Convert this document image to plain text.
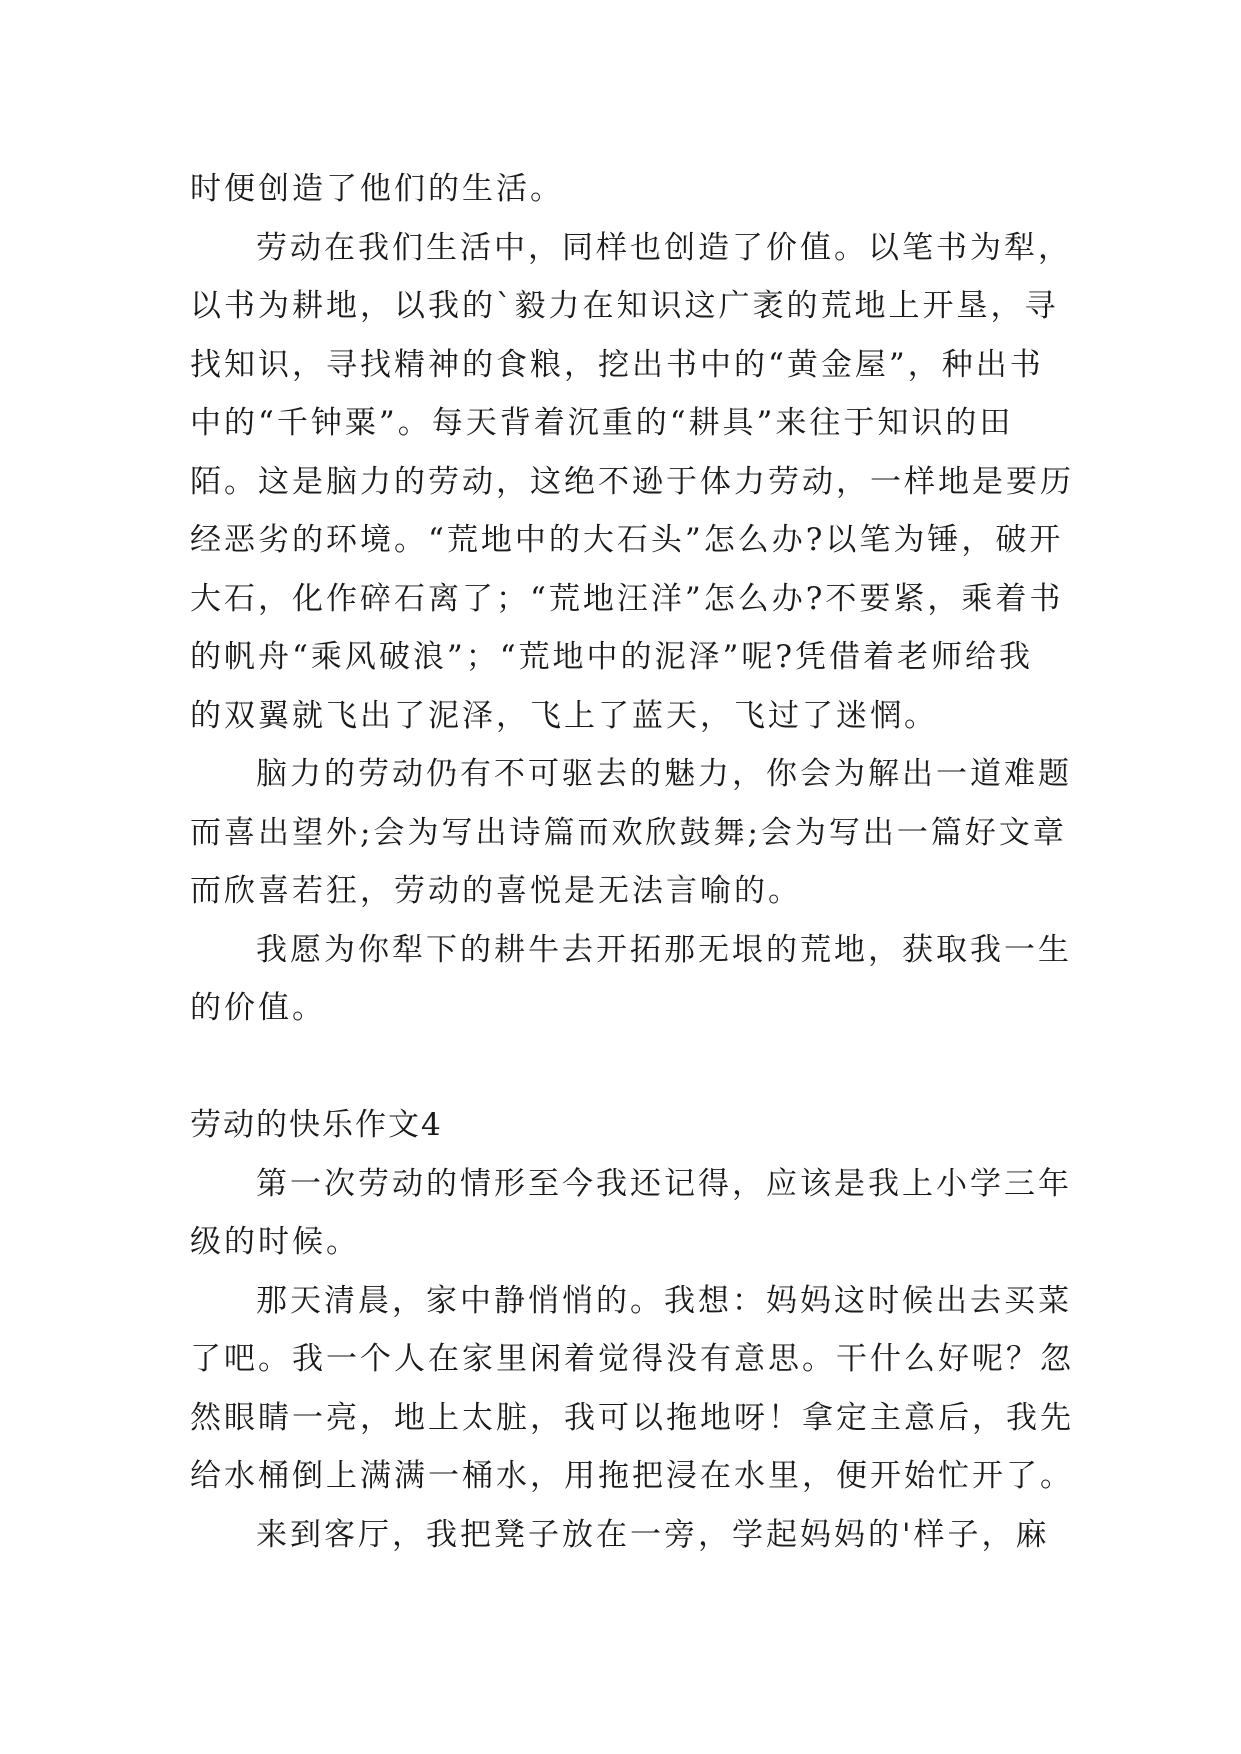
时便创造了他们的生活。
劳动在我们生活中，同样也创造了价值。以笔书为犁，
以书为耕地，以我的`毅力在知识这广袤的荒地上开垦，寻
找知识，寻找精神的食粮，挖出书中的“黄金屋”，种出书
中的“千钟粟”。每天背着沉重的“耕具”来往于知识的田
陌。这是脑力的劳动，这绝不逊于体力劳动，一样地是要历
经恶劣的环境。“荒地中的大石头”怎么办?以笔为锤，破开
大石，化作碎石离了；“荒地汪洋”怎么办?不要紧，乘着书
的帆舟“乘风破浪”；“荒地中的泥泽”呢?凭借着老师给我
的双翼就飞出了泥泽，飞上了蓝天，飞过了迷惘。
脑力的劳动仍有不可驱去的魅力，你会为解出一道难题
而喜出望外;会为写出诗篇而欢欣鼓舞;会为写出一篇好文章
而欣喜若狂，劳动的喜悦是无法言喻的。
我愿为你犁下的耕牛去开拓那无垠的荒地，获取我一生
的价值。
劳动的快乐作文4
第一次劳动的情形至今我还记得，应该是我上小学三年
级的时候。
那天清晨，家中静悄悄的。我想：妈妈这时候出去买菜
了吧。我一个人在家里闲着觉得没有意思。干什么好呢？忽
然眼睛一亮，地上太脏，我可以拖地呀！拿定主意后，我先
给水桶倒上满满一桶水，用拖把浸在水里，便开始忙开了。
来到客厅，我把凳子放在一旁，学起妈妈的'样子，麻
